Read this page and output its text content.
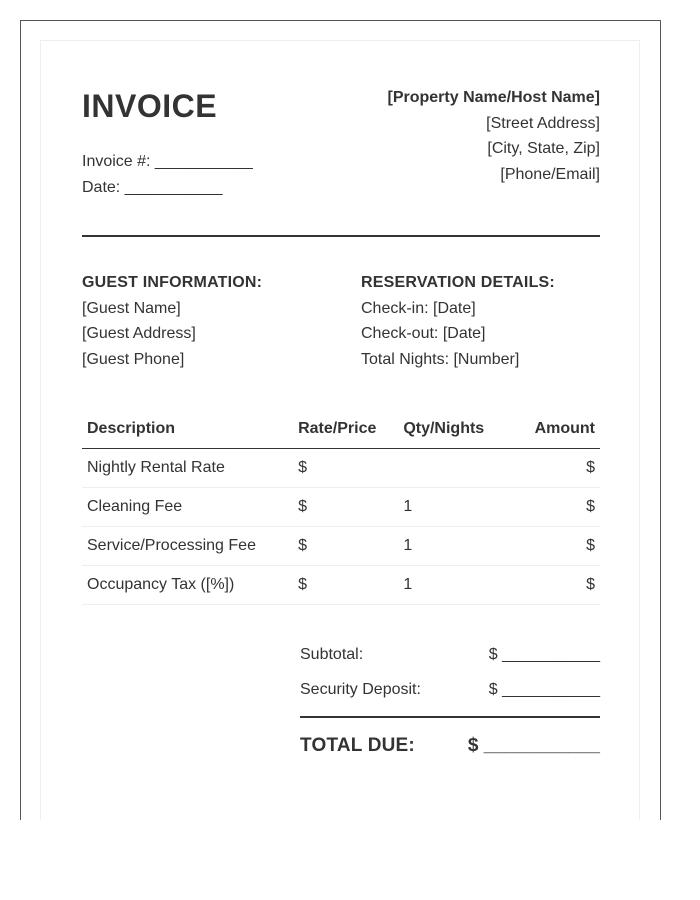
INVOICE
Invoice #: ___________
Date: ___________
[Property Name/Host Name]
[Street Address]
[City, State, Zip]
[Phone/Email]
GUEST INFORMATION:
[Guest Name]
[Guest Address]
[Guest Phone]
RESERVATION DETAILS:
Check-in: [Date]
Check-out: [Date]
Total Nights: [Number]
Description	Rate/Price	Qty/Nights	Amount
Nightly Rental Rate	$		$
Cleaning Fee	$	1	$
Service/Processing Fee	$	1	$
Occupancy Tax ([%])	$	1	$
Subtotal:	$ ___________
Security Deposit:	$ ___________
TOTAL DUE:	$ ___________
